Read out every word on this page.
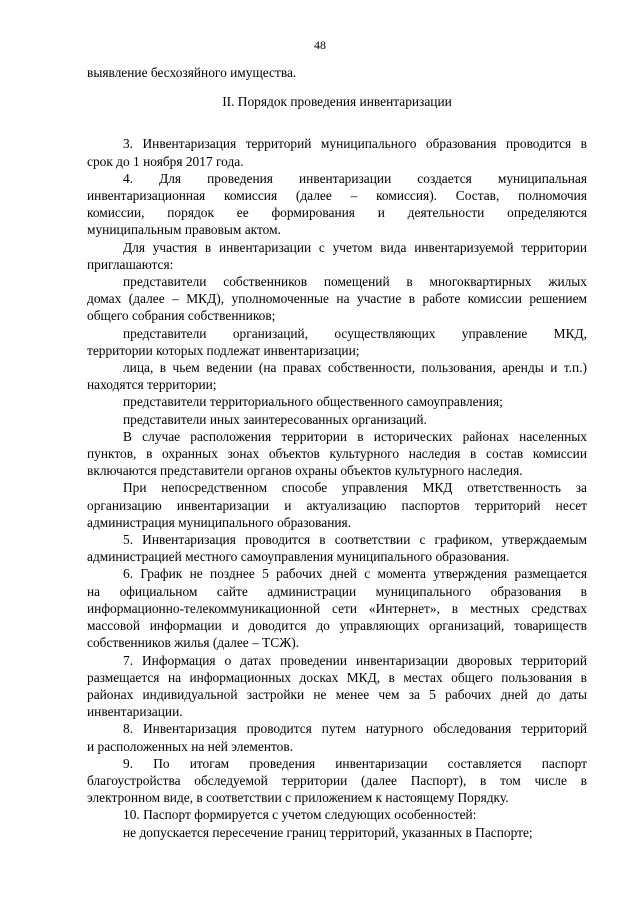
48
выявление бесхозяйного имущества.
II. Порядок проведения инвентаризации
3. Инвентаризация территорий муниципального образования проводится в
срок до 1 ноября 2017 года.
4. Для проведения инвентаризации создается муниципальная
инвентаризационная комиссия (далее – комиссия). Состав, полномочия
комиссии, порядок ее формирования и деятельности определяются
муниципальным правовым актом.
Для участия в инвентаризации с учетом вида инвентаризуемой территории
приглашаются:
представители собственников помещений в многоквартирных жилых
домах (далее – МКД), уполномоченные на участие в работе комиссии решением
общего собрания собственников;
представители организаций, осуществляющих управление МКД,
территории которых подлежат инвентаризации;
лица, в чьем ведении (на правах собственности, пользования, аренды и т.п.)
находятся территории;
представители территориального общественного самоуправления;
представители иных заинтересованных организаций.
В случае расположения территории в исторических районах населенных
пунктов, в охранных зонах объектов культурного наследия в состав комиссии
включаются представители органов охраны объектов культурного наследия.
При непосредственном способе управления МКД ответственность за
организацию инвентаризации и актуализацию паспортов территорий несет
администрация муниципального образования.
5. Инвентаризация проводится в соответствии с графиком, утверждаемым
администрацией местного самоуправления муниципального образования.
6. График не позднее 5 рабочих дней с момента утверждения размещается
на официальном сайте администрации муниципального образования в
информационно-телекоммуникационной сети «Интернет», в местных средствах
массовой информации и доводится до управляющих организаций, товариществ
собственников жилья (далее – ТСЖ).
7. Информация о датах проведении инвентаризации дворовых территорий
размещается на информационных досках МКД, в местах общего пользования в
районах индивидуальной застройки не менее чем за 5 рабочих дней до даты
инвентаризации.
8. Инвентаризация проводится путем натурного обследования территорий
и расположенных на ней элементов.
9. По итогам проведения инвентаризации составляется паспорт
благоустройства обследуемой территории (далее Паспорт), в том числе в
электронном виде, в соответствии с приложением к настоящему Порядку.
10. Паспорт формируется с учетом следующих особенностей:
не допускается пересечение границ территорий, указанных в Паспорте;
